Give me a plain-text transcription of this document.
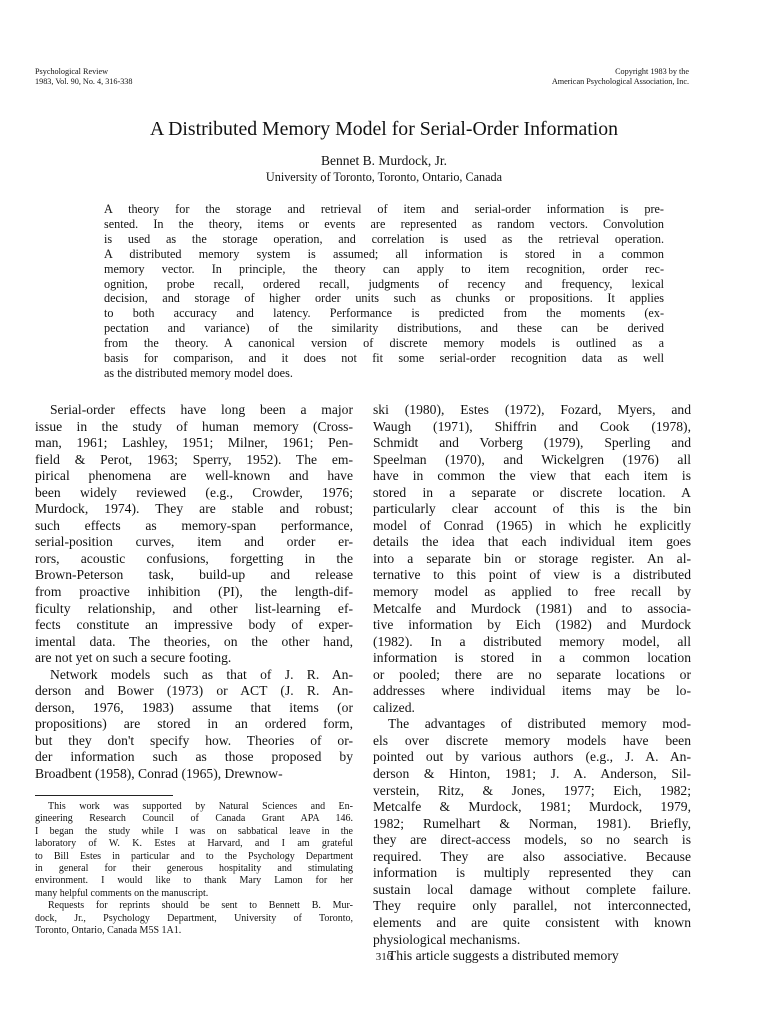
Psychological Review
1983, Vol. 90, No. 4, 316-338
Copyright 1983 by the
American Psychological Association, Inc.
A Distributed Memory Model for Serial-Order Information
Bennet B. Murdock, Jr.
University of Toronto, Toronto, Ontario, Canada
A theory for the storage and retrieval of item and serial-order information is pre-
sented. In the theory, items or events are represented as random vectors. Convolution
is used as the storage operation, and correlation is used as the retrieval operation.
A distributed memory system is assumed; all information is stored in a common
memory vector. In principle, the theory can apply to item recognition, order rec-
ognition, probe recall, ordered recall, judgments of recency and frequency, lexical
decision, and storage of higher order units such as chunks or propositions. It applies
to both accuracy and latency. Performance is predicted from the moments (ex-
pectation and variance) of the similarity distributions, and these can be derived
from the theory. A canonical version of discrete memory models is outlined as a
basis for comparison, and it does not fit some serial-order recognition data as well
as the distributed memory model does.
Serial-order effects have long been a major
issue in the study of human memory (Cross-
man, 1961; Lashley, 1951; Milner, 1961; Pen-
field & Perot, 1963; Sperry, 1952). The em-
pirical phenomena are well-known and have
been widely reviewed (e.g., Crowder, 1976;
Murdock, 1974). They are stable and robust;
such effects as memory-span performance,
serial-position curves, item and order er-
rors, acoustic confusions, forgetting in the
Brown-Peterson task, build-up and release
from proactive inhibition (PI), the length-dif-
ficulty relationship, and other list-learning ef-
fects constitute an impressive body of exper-
imental data. The theories, on the other hand,
are not yet on such a secure footing.
Network models such as that of J. R. An-
derson and Bower (1973) or ACT (J. R. An-
derson, 1976, 1983) assume that items (or
propositions) are stored in an ordered form,
but they don't specify how. Theories of or-
der information such as those proposed by
Broadbent (1958), Conrad (1965), Drewnow-
This work was supported by Natural Sciences and En-
gineering Research Council of Canada Grant APA 146.
I began the study while I was on sabbatical leave in the
laboratory of W. K. Estes at Harvard, and I am grateful
to Bill Estes in particular and to the Psychology Department
in general for their generous hospitality and stimulating
environment. I would like to thank Mary Lamon for her
many helpful comments on the manuscript.
Requests for reprints should be sent to Bennett B. Mur-
dock, Jr., Psychology Department, University of Toronto,
Toronto, Ontario, Canada M5S 1A1.
ski (1980), Estes (1972), Fozard, Myers, and
Waugh (1971), Shiffrin and Cook (1978),
Schmidt and Vorberg (1979), Sperling and
Speelman (1970), and Wickelgren (1976) all
have in common the view that each item is
stored in a separate or discrete location. A
particularly clear account of this is the bin
model of Conrad (1965) in which he explicitly
details the idea that each individual item goes
into a separate bin or storage register. An al-
ternative to this point of view is a distributed
memory model as applied to free recall by
Metcalfe and Murdock (1981) and to associa-
tive information by Eich (1982) and Murdock
(1982). In a distributed memory model, all
information is stored in a common location
or pooled; there are no separate locations or
addresses where individual items may be lo-
calized.
The advantages of distributed memory mod-
els over discrete memory models have been
pointed out by various authors (e.g., J. A. An-
derson & Hinton, 1981; J. A. Anderson, Sil-
verstein, Ritz, & Jones, 1977; Eich, 1982;
Metcalfe & Murdock, 1981; Murdock, 1979,
1982; Rumelhart & Norman, 1981). Briefly,
they are direct-access models, so no search is
required. They are also associative. Because
information is multiply represented they can
sustain local damage without complete failure.
They require only parallel, not interconnected,
elements and are quite consistent with known
physiological mechanisms.
This article suggests a distributed memory
316
